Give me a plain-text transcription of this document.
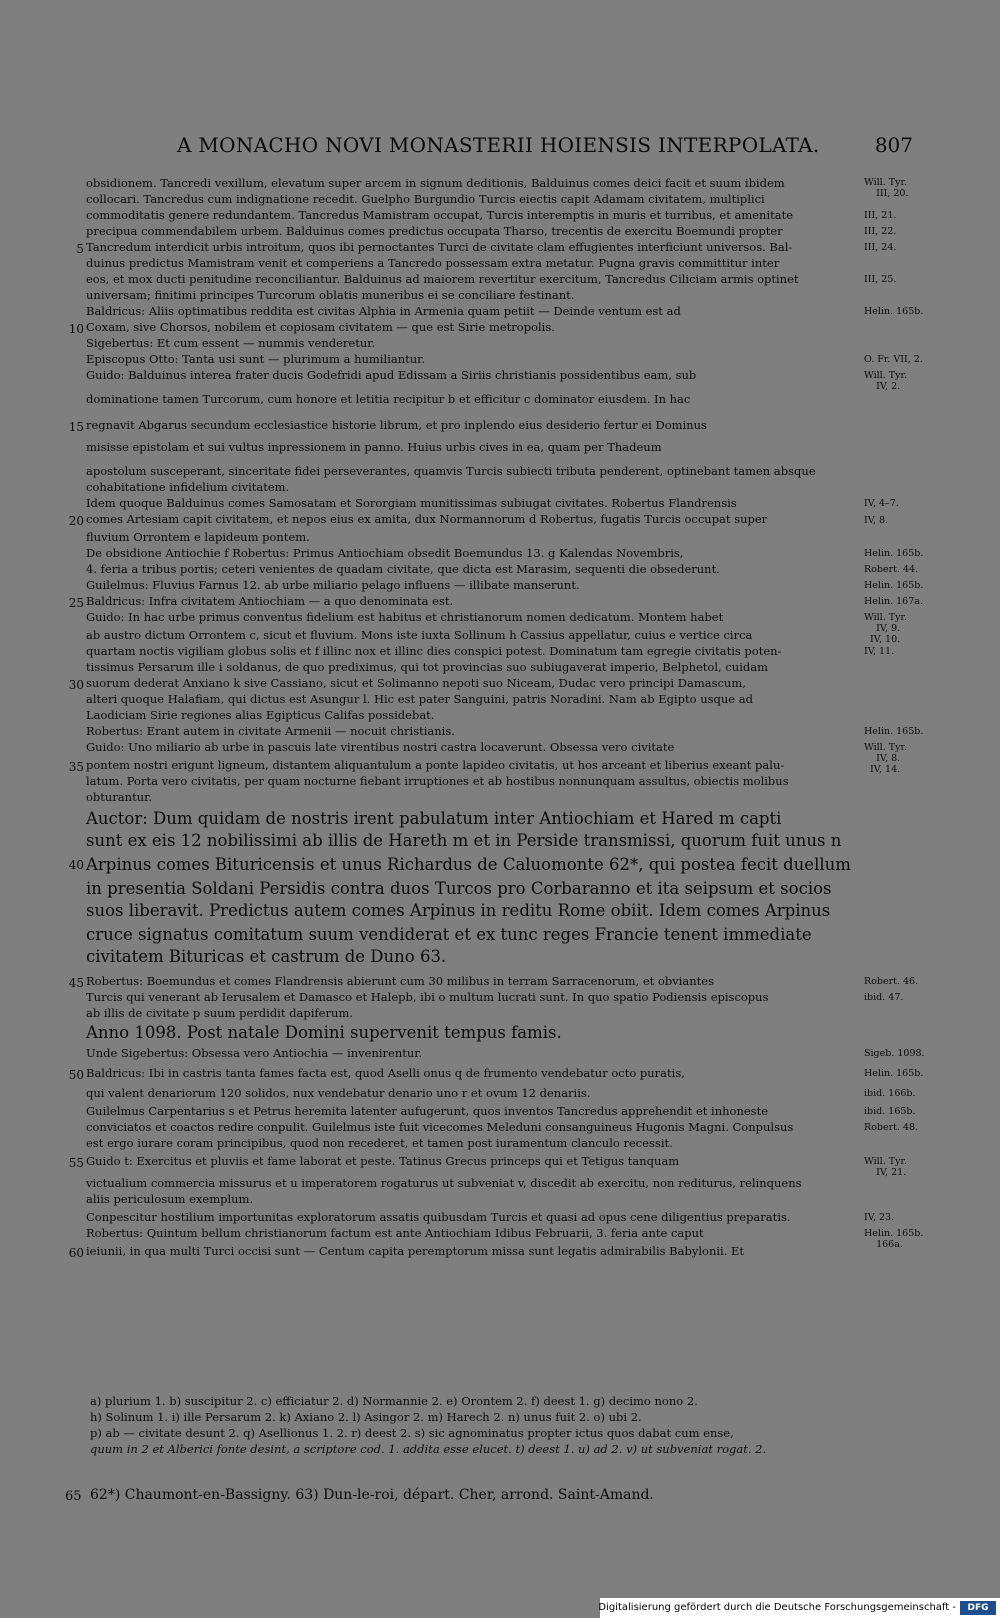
A MONACHO NOVI MONASTERII HOIENSIS INTERPOLATA.	807
obsidionem. Tancredi vexillum, elevatum super arcem in signum deditionis, Balduinus comes deici facit et suum ibidem
collocari. Tancredus cum indignatione recedit. Guelpho Burgundio Turcis eiectis capit Adamam civitatem, multiplici
commoditatis genere redundantem. Tancredus Mamistram occupat, Turcis interemptis in muris et turribus, et amenitate
precipua commendabilem urbem. Balduinus comes predictus occupata Tharso, trecentis de exercitu Boemundi propter
Tancredum interdicit urbis introitum, quos ibi pernoctantes Turci de civitate clam effugientes interficiunt universos. Bal-
duinus predictus Mamistram venit et comperiens a Tancredo possessam extra metatur. Pugna gravis committitur inter
eos, et mox ducti penitudine reconciliantur. Balduinus ad maiorem revertitur exercitum, Tancredus Ciliciam armis optinet
universam; finitimi principes Turcorum oblatis muneribus ei se conciliare festinant.
Baldricus: Aliis optimatibus reddita est civitas Alphia in Armenia quam petiit — Deinde ventum est ad
Coxam, sive Chorsos, nobilem et copiosam civitatem — que est Sirie metropolis.
Sigebertus: Et cum essent — nummis venderetur.
Episcopus Otto: Tanta usi sunt — plurimum a humiliantur.
Guido: Balduinus interea frater ducis Godefridi apud Edissam a Siriis christianis possidentibus eam, sub
dominatione tamen Turcorum, cum honore et letitia recipitur b et efficitur c dominator eiusdem. In hac
regnavit Abgarus secundum ecclesiastice historie librum, et pro inplendo eius desiderio fertur ei Dominus
misisse epistolam et sui vultus inpressionem in panno. Huius urbis cives in ea, quam per Thadeum
apostolum susceperant, sinceritate fidei perseverantes, quamvis Turcis subiecti tributa penderent, optinebant tamen absque
cohabitatione infidelium civitatem.
Idem quoque Balduinus comes Samosatam et Sororgiam munitissimas subiugat civitates. Robertus Flandrensis
comes Artesiam capit civitatem, et nepos eius ex amita, dux Normannorum d Robertus, fugatis Turcis occupat super
fluvium Orrontem e lapideum pontem.
De obsidione Antiochie f Robertus: Primus Antiochiam obsedit Boemundus 13. g Kalendas Novembris,
4. feria a tribus portis; ceteri venientes de quadam civitate, que dicta est Marasim, sequenti die obsederunt.
Guilelmus: Fluvius Farnus 12. ab urbe miliario pelago influens — illibate manserunt.
Baldricus: Infra civitatem Antiochiam — a quo denominata est.
Guido: In hac urbe primus conventus fidelium est habitus et christianorum nomen dedicatum. Montem habet
ab austro dictum Orrontem c, sicut et fluvium. Mons iste iuxta Sollinum h Cassius appellatur, cuius e vertice circa
quartam noctis vigiliam globus solis et f illinc nox et illinc dies conspici potest. Dominatum tam egregie civitatis poten-
tissimus Persarum ille i soldanus, de quo prediximus, qui tot provincias suo subiugaverat imperio, Belphetol, cuidam
suorum dederat Anxiano k sive Cassiano, sicut et Solimanno nepoti suo Niceam, Dudac vero principi Damascum,
alteri quoque Halafiam, qui dictus est Asungur l. Hic est pater Sanguini, patris Noradini. Nam ab Egipto usque ad
Laodiciam Sirie regiones alias Egipticus Califas possidebat.
Robertus: Erant autem in civitate Armenii — nocuit christianis.
Guido: Uno miliario ab urbe in pascuis late virentibus nostri castra locaverunt. Obsessa vero civitate
pontem nostri erigunt ligneum, distantem aliquantulum a ponte lapideo civitatis, ut hos arceant et liberius exeant palu-
latum. Porta vero civitatis, per quam nocturne fiebant irruptiones et ab hostibus nonnunquam assultus, obiectis molibus
obturantur.
Auctor: Dum quidam de nostris irent pabulatum inter Antiochiam et Hared m capti
sunt ex eis 12 nobilissimi ab illis de Hareth m et in Perside transmissi, quorum fuit unus n
Arpinus comes Bituricensis et unus Richardus de Caluomonte 62*, qui postea fecit duellum
in presentia Soldani Persidis contra duos Turcos pro Corbaranno et ita seipsum et socios
suos liberavit. Predictus autem comes Arpinus in reditu Rome obiit. Idem comes Arpinus
cruce signatus comitatum suum vendiderat et ex tunc reges Francie tenent immediate
civitatem Bituricas et castrum de Duno 63.
Robertus: Boemundus et comes Flandrensis abierunt cum 30 milibus in terram Sarracenorum, et obviantes
Turcis qui venerant ab Ierusalem et Damasco et Halepb, ibi o multum lucrati sunt. In quo spatio Podiensis episcopus
ab illis de civitate p suum perdidit dapiferum.
Anno 1098. Post natale Domini supervenit tempus famis.
Unde Sigebertus: Obsessa vero Antiochia — invenirentur.
Baldricus: Ibi in castris tanta fames facta est, quod Aselli onus q de frumento vendebatur octo puratis,
qui valent denariorum 120 solidos, nux vendebatur denario uno r et ovum 12 denariis.
Guilelmus Carpentarius s et Petrus heremita latenter aufugerunt, quos inventos Tancredus apprehendit et inhoneste
conviciatos et coactos redire conpulit. Guilelmus iste fuit vicecomes Meleduni consanguineus Hugonis Magni. Conpulsus
est ergo iurare coram principibus, quod non recederet, et tamen post iuramentum clanculo recessit.
Guido t: Exercitus et pluviis et fame laborat et peste. Tatinus Grecus princeps qui et Tetigus tanquam
victualium commercia missurus et u imperatorem rogaturus ut subveniat v, discedit ab exercitu, non rediturus, relinquens
aliis periculosum exemplum.
Conpescitur hostilium importunitas exploratorum assatis quibusdam Turcis et quasi ad opus cene diligentius preparatis.
Robertus: Quintum bellum christianorum factum est ante Antiochiam Idibus Februarii, 3. feria ante caput
ieiunii, in qua multi Turci occisi sunt — Centum capita peremptorum missa sunt legatis admirabilis Babylonii. Et
5
10
15
20
25
30
35
40
45
50
55
60
Will. Tyr.
III, 20.
III, 21.
III, 22.
III, 24.
III, 25.
Helin. 165b.
O. Fr. VII, 2.
Will. Tyr.
IV, 2.
IV, 4–7.
IV, 8.
Helin. 165b.
Robert. 44.
Helin. 165b.
Helin. 167a.
Will. Tyr.
IV, 9.
IV, 10.
IV, 11.
Helin. 165b.
Will. Tyr.
IV, 8.
IV, 14.
Robert. 46.
ibid. 47.
Sigeb. 1098.
Helin. 165b.
ibid. 166b.
ibid. 165b.
Robert. 48.
Will. Tyr.
IV, 21.
IV, 23.
Helin. 165b.
166a.
a) plurium 1. b) suscipitur 2. c) efficiatur 2. d) Normannie 2. e) Orontem 2. f) deest 1. g) decimo nono 2.
h) Solinum 1. i) ille Persarum 2. k) Axiano 2. l) Asingor 2. m) Harech 2. n) unus fuit 2. o) ubi 2.
p) ab — civitate desunt 2. q) Asellionus 1. 2. r) deest 2. s) sic agnominatus propter ictus quos dabat cum ense,
quum in 2 et Alberici fonte desint, a scriptore cod. 1. addita esse elucet. t) deest 1. u) ad 2. v) ut subveniat rogat. 2.
65 62*) Chaumont-en-Bassigny. 63) Dun-le-roi, départ. Cher, arrond. Saint-Amand.
Digitalisierung gefördert durch die Deutsche Forschungsgemeinschaft -	DFG
